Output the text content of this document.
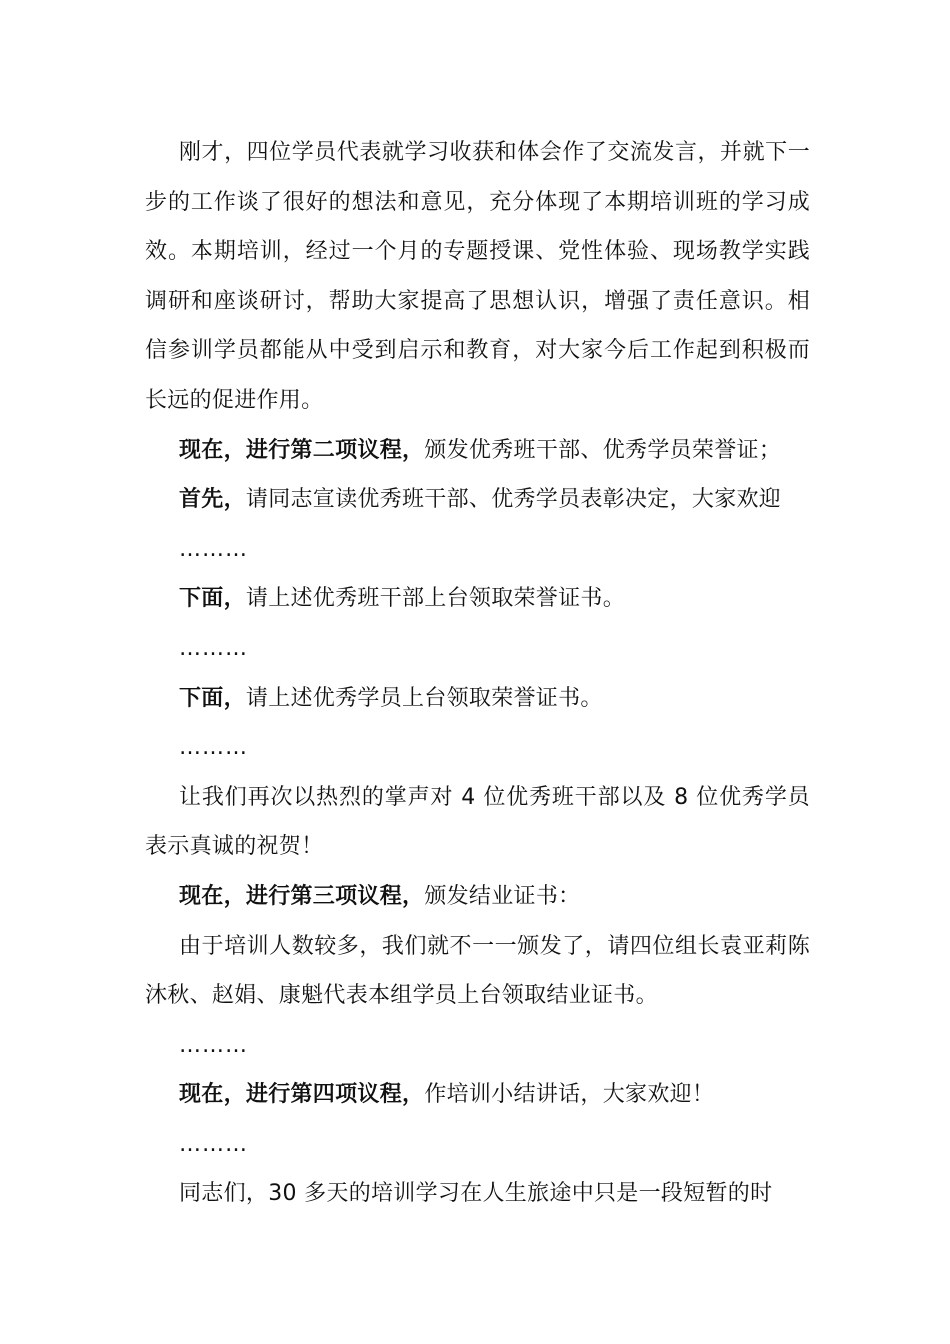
刚才，四位学员代表就学习收获和体会作了交流发言，并就下一步的工作谈了很好的想法和意见，充分体现了本期培训班的学习成效。本期培训，经过一个月的专题授课、党性体验、现场教学实践调研和座谈研讨，帮助大家提高了思想认识，增强了责任意识。相信参训学员都能从中受到启示和教育，对大家今后工作起到积极而长远的促进作用。

现在，进行第二项议程，颁发优秀班干部、优秀学员荣誉证；

首先，请同志宣读优秀班干部、优秀学员表彰决定，大家欢迎

………

下面，请上述优秀班干部上台领取荣誉证书。

………

下面，请上述优秀学员上台领取荣誉证书。

………

让我们再次以热烈的掌声对 4 位优秀班干部以及 8 位优秀学员表示真诚的祝贺！

现在，进行第三项议程，颁发结业证书：

由于培训人数较多，我们就不一一颁发了，请四位组长袁亚莉陈沐秋、赵娟、康魁代表本组学员上台领取结业证书。

………

现在，进行第四项议程，作培训小结讲话，大家欢迎！

………

同志们，30 多天的培训学习在人生旅途中只是一段短暂的时
